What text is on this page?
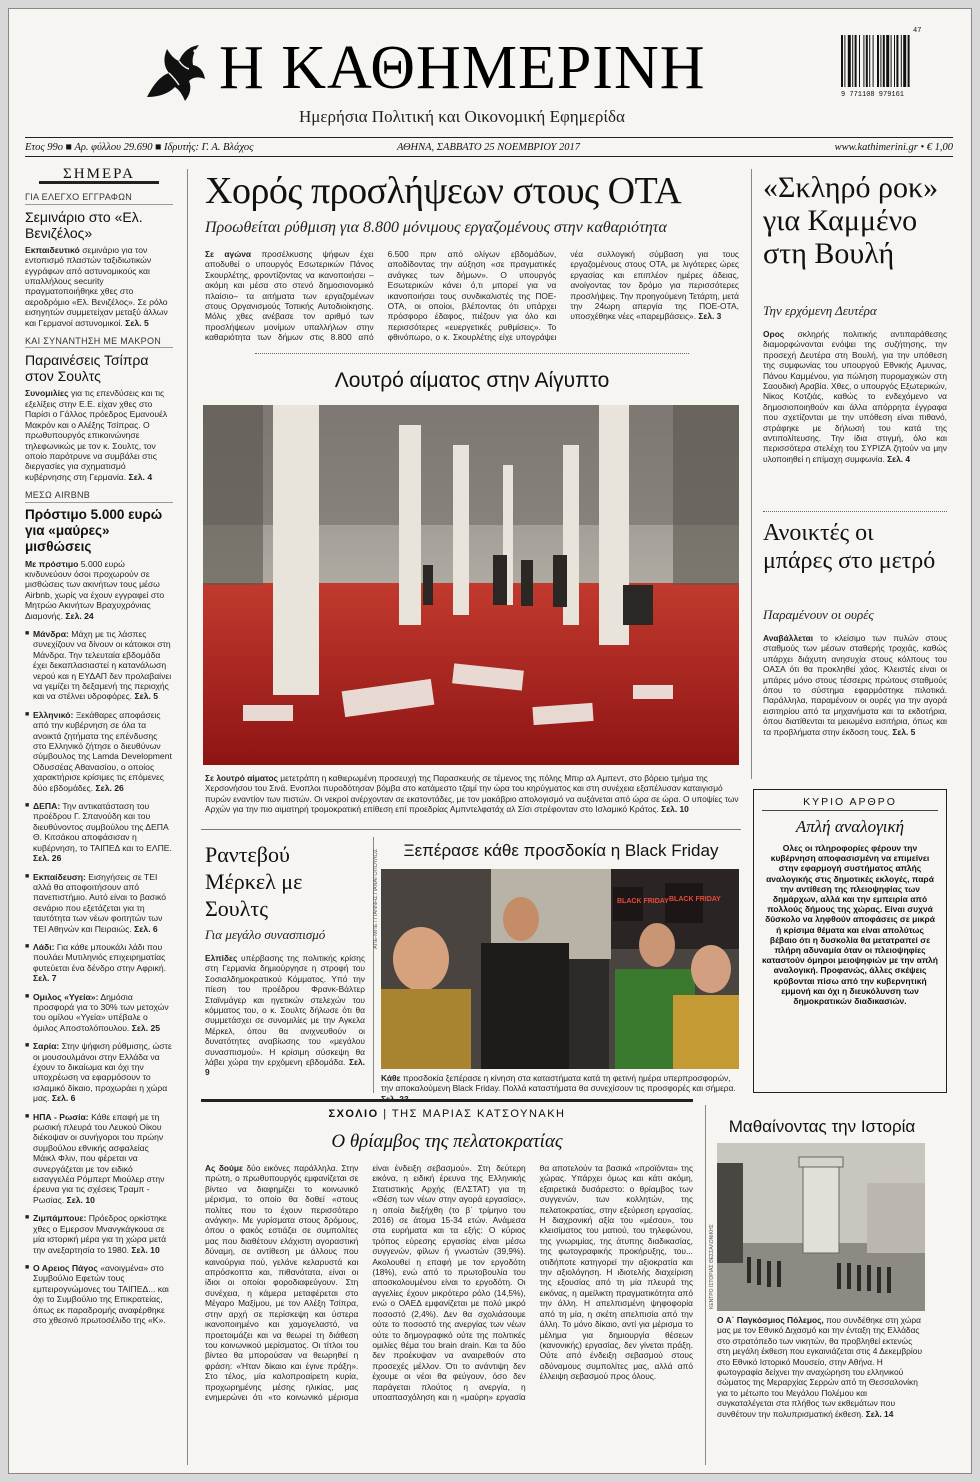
Η ΚΑΘΗΜΕΡΙΝΗ
Ημερήσια Πολιτική και Οικονομική Εφημερίδα
9 771108 979161
47
Ετος 99ο ■ Αρ. φύλλου 29.690 ■ Ιδρυτής: Γ. Α. Βλάχος	ΑΘΗΝΑ, ΣΑΒΒΑΤΟ 25 ΝΟΕΜΒΡΙΟΥ 2017	www.kathimerini.gr • € 1,00
ΣΗΜΕΡΑ
ΓΙΑ ΕΛΕΓΧΟ ΕΓΓΡΑΦΩΝ
Σεμινάριο στο «Ελ. Βενιζέλος»
Εκπαιδευτικό σεμινάριο για τον εντοπισμό πλαστών ταξιδιωτικών εγγράφων από αστυνομικούς και υπαλλήλους security πραγματοποιήθηκε χθες στο αεροδρόμιο «Ελ. Βενιζέλος». Σε ρόλο εισηγητών συμμετείχαν μεταξύ άλλων και Γερμανοί αστυνομικοί. Σελ. 5
ΚΑΙ ΣΥΝΑΝΤΗΣΗ ΜΕ ΜΑΚΡΟΝ
Παραινέσεις Τσίπρα στον Σουλτς
Συνομιλίες για τις επενδύσεις και τις εξελίξεις στην Ε.Ε. είχαν χθες στο Παρίσι ο Γάλλος πρόεδρος Εμανουέλ Μακρόν και ο Αλέξης Τσίπρας. Ο πρωθυπουργός επικοινώνησε τηλεφωνικώς με τον κ. Σουλτς, τον οποίο παρότρυνε να συμβάλει στις διεργασίες για σχηματισμό κυβέρνησης στη Γερμανία. Σελ. 4
ΜΕΣΩ AIRBNB
Πρόστιμο 5.000 ευρώ για «μαύρες» μισθώσεις
Με πρόστιμο 5.000 ευρώ κινδυνεύουν όσοι προχωρούν σε μισθώσεις των ακινήτων τους μέσω Airbnb, χωρίς να έχουν εγγραφεί στο Μητρώο Ακινήτων Βραχυχρόνιας Διαμονής. Σελ. 24
■ Μάνδρα: Μάχη με τις λάσπες συνεχίζουν να δίνουν οι κάτοικοι στη Μάνδρα. Την τελευταία εβδομάδα έχει δεκαπλασιαστεί η κατανάλωση νερού και η ΕΥΔΑΠ δεν προλαβαίνει να γεμίζει τη δεξαμενή της περιοχής και να στέλνει υδροφόρες. Σελ. 5
■ Ελληνικό: Ξεκάθαρες αποφάσεις από την κυβέρνηση σε όλα τα ανοικτά ζητήματα της επένδυσης στο Ελληνικό ζήτησε ο διευθύνων σύμβουλος της Lamda Development Οδυσσέας Αθανασίου, ο οποίος χαρακτήρισε κρίσιμες τις επόμενες δύο εβδομάδες. Σελ. 26
■ ΔΕΠΑ: Την αντικατάσταση του προέδρου Γ. Σπανούδη και του διευθύνοντος συμβούλου της ΔΕΠΑ Θ. Κιτσάκου αποφάσισαν η κυβέρνηση, το ΤΑΙΠΕΔ και το ΕΛΠΕ. Σελ. 26
■ Εκπαίδευση: Εισηγήσεις σε ΤΕΙ αλλά θα αποφοιτήσουν από πανεπιστήμιο. Αυτό είναι το βασικό σενάριο που εξετάζεται για τη ταυτότητα των νέων φοιτητών των ΤΕΙ Αθηνών και Πειραιώς. Σελ. 6
■ Λάδι: Για κάθε μπουκάλι λάδι που πουλάει Μυτιληνιός επιχειρηματίας φυτεύεται ένα δένδρο στην Αφρική. Σελ. 7
■ Ομιλος «Υγεία»: Δημόσια προσφορά για το 30% των μετοχών του ομίλου «Υγεία» υπέβαλε ο όμιλος Αποστολόπουλου. Σελ. 25
■ Σαρία: Στην ψήφιση ρύθμισης, ώστε οι μουσουλμάνοι στην Ελλάδα να έχουν το δικαίωμα και όχι την υποχρέωση να εφαρμόσουν το ισλαμικό δίκαιο, προχωράει η χώρα μας. Σελ. 6
■ ΗΠΑ - Ρωσία: Κάθε επαφή με τη ρωσική πλευρά του Λευκού Οίκου διέκοψαν οι συνήγοροι του πρώην συμβούλου εθνικής ασφαλείας Μάικλ Φλιν, που φέρεται να συνεργάζεται με τον ειδικό εισαγγελέα Ρόμπερτ Μιούλερ στην έρευνα για τις σχέσεις Τραμπ - Ρωσίας. Σελ. 10
■ Ζιμπάμπουε: Πρόεδρος ορκίστηκε χθες ο Εμερσον Μνανγκάγκουα σε μία ιστορική μέρα για τη χώρα μετά την ανεξαρτησία το 1980. Σελ. 10
■ Ο Αρειος Πάγος «ανοιγμένα» στο Συμβούλιο Εφετών τους εμπειρογνώμονες του ΤΑΙΠΕΔ... και όχι το Συμβούλιο της Επικρατείας, όπως εκ παραδρομής αναφέρθηκε στο χθεσινό πρωτοσέλιδο της «Κ».
Χορός προσλήψεων στους ΟΤΑ
Προωθείται ρύθμιση για 8.800 μόνιμους εργαζομένους στην καθαριότητα
Σε αγώνα προσέλκυσης ψήφων έχει αποδυθεί ο υπουργός Εσωτερικών Πάνος Σκουρλέτης, φροντίζοντας να ικανοποιήσει –ακόμη και μέσα στο στενό δημοσιονομικό πλαίσιο– τα αιτήματα των εργαζομένων στους Οργανισμούς Τοπικής Αυτοδιοίκησης. Μόλις χθες ανέβασε τον αριθμό των προσλήψεων μονίμων υπαλλήλων στην καθαριότητα των δήμων στις 8.800 από 6.500 πριν από ολίγων εβδομάδων, αποδίδοντας την αύξηση «σε πραγματικές ανάγκες των δήμων». Ο υπουργός Εσωτερικών κάνει ό,τι μπορεί για να ικανοποιήσει τους συνδικαλιστές της ΠΟΕ-ΟΤΑ, οι οποίοι, βλέποντας ότι υπάρχει πρόσφορο έδαφος, πιέζουν για όλο και περισσότερες «ευεργετικές ρυθμίσεις». Το φθινόπωρο, ο κ. Σκουρλέτης είχε υπογράψει νέα συλλογική σύμβαση για τους εργαζομένους στους ΟΤΑ, με λιγότερες ώρες εργασίας και επιπλέον ημέρες άδειας, ανοίγοντας τον δρόμο για περισσότερες προσλήψεις. Την προηγούμενη Τετάρτη, μετά την 24ωρη απεργία της ΠΟΕ-ΟΤΑ, υποσχέθηκε νέες «παρεμβάσεις». Σελ. 3
Λουτρό αίματος στην Αίγυπτο
Σε λουτρό αίματος μετετράπη η καθιερωμένη προσευχή της Παρασκευής σε τέμενος της πόλης Μπιρ αλ Αμπεντ, στο βόρειο τμήμα της Χερσονήσου του Σινά. Ενοπλοι πυροδότησαν βόμβα στο κατάμεστο τζαμί την ώρα του κηρύγματος και στη συνέχεια εξαπέλυσαν καταιγισμό πυρών εναντίον των πιστών. Οι νεκροί ανέρχονταν σε εκατοντάδες, με τον μακάβριο απολογισμό να αυξάνεται από ώρα σε ώρα. Ο υποψίες των Αρχών για την πιο αιματηρή τρομοκρατική επίθεση επί προεδρίας Αμπντελφατάχ αλ Σίσι στρέφονταν στο Ισλαμικό Κράτος. Σελ. 10
«Σκληρό ροκ» για Καμμένο στη Βουλή
Την ερχόμενη Δευτέρα
Ορος σκληρής πολιτικής αντιπαράθεσης διαμορφώνονται ενόψει της συζήτησης, την προσεχή Δευτέρα στη Βουλή, για την υπόθεση της συμφωνίας του υπουργού Εθνικής Αμυνας, Πάνου Καμμένου, για πώληση πυρομαχικών στη Σαουδική Αραβία. Χθες, ο υπουργός Εξωτερικών, Νίκος Κοτζιάς, καθώς το ενδεχόμενο να δημοσιοποιηθούν και άλλα απόρρητα έγγραφα που σχετίζονται με την υπόθεση είναι πιθανό, στράφηκε με δήλωσή του κατά της αντιπολίτευσης. Την ίδια στιγμή, όλο και περισσότερα στελέχη του ΣΥΡΙΖΑ ζητούν να μην υλοποιηθεί η επίμαχη συμφωνία. Σελ. 4
Ανοικτές οι μπάρες στο μετρό
Παραμένουν οι ουρές
Αναβάλλεται το κλείσιμο των πυλών στους σταθμούς των μέσων σταθερής τροχιάς, καθώς υπάρχει διάχυτη ανησυχία στους κόλπους του ΟΑΣΑ ότι θα προκληθεί χάος. Κλειστές είναι οι μπάρες μόνο στους τέσσερις πρώτους σταθμούς όπου το σύστημα εφαρμόστηκε πιλοτικά. Παράλληλα, παραμένουν οι ουρές για την αγορά εισιτηρίου από τα μηχανήματα και τα εκδοτήρια, όπου διατίθενται τα μειωμένα εισιτήρια, όπως και τα προβλήματα στην έκδοση τους. Σελ. 5
ΚΥΡΙΟ ΑΡΘΡΟ
Απλή αναλογική
Ολες οι πληροφορίες φέρουν την κυβέρνηση αποφασισμένη να επιμείνει στην εφαρμογή συστήματος απλής αναλογικής στις δημοτικές εκλογές, παρά την αντίθεση της πλειοψηφίας των δημάρχων, αλλά και την εμπειρία από πολλούς δήμους της χώρας. Είναι συχνά δύσκολο να ληφθούν αποφάσεις σε μικρά ή κρίσιμα θέματα και είναι απολύτως βέβαιο ότι η δυσκολία θα μετατραπεί σε πλήρη αδυναμία όταν οι πλειοψηφίες καταστούν όμηροι μειοψηφιών με την απλή αναλογική. Προφανώς, άλλες σκέψεις κρύβονται πίσω από την κυβερνητική εμμονή και όχι η διευκόλυνση των δημοκρατικών διαδικασιών.
Ραντεβού Μέρκελ με Σουλτς
Για μεγάλο συνασπισμό
Ελπίδες υπέρβασης της πολιτικής κρίσης στη Γερμανία δημιούργησε η στροφή του Σοσιαλδημοκρατικού Κόμματος. Υπό την πίεση του προέδρου Φρανκ-Βάλτερ Σταϊνμάγερ και ηγετικών στελεχών του κόμματος του, ο κ. Σουλτς δήλωσε ότι θα συμμετάσχει σε συνομιλίες με την Αγκελα Μέρκελ, όπου θα ανιχνευθούν οι δυνατότητες αναβίωσης του «μεγάλου συνασπισμού». Η κρίσιμη σύσκεψη θα λάβει χώρα την ερχόμενη εβδομάδα. Σελ. 9
Ξεπέρασε κάθε προσδοκία η Black Friday
BLACK FRIDAY BLACK FRIDAY
ΑΠΕ-ΜΠΕ / ΓΙΑΝΝΗΣ ΠΑΝΑΓΟΠΟΥΛΟΣ
Κάθε προσδοκία ξεπέρασε η κίνηση στα καταστήματα κατά τη φετινή ημέρα υπερπροσφορών, την αποκαλούμενη Black Friday. Πολλά καταστήματα θα συνεχίσουν τις προσφορές και σήμερα. Σελ. 23
ΣΧΟΛΙΟ | ΤΗΣ ΜΑΡΙΑΣ ΚΑΤΣΟΥΝΑΚΗ
Ο θρίαμβος της πελατοκρατίας
Ας δούμε δύο εικόνες παράλληλα. Στην πρώτη, ο πρωθυπουργός εμφανίζεται σε βίντεο να διαφημίζει το κοινωνικό μέρισμα, το οποίο θα δοθεί «στους πολίτες που το έχουν περισσότερο ανάγκη». Με γυρίσματα στους δρόμους, όπου ο φακός εστιάζει σε συμπολίτες μας που διαθέτουν ελάχιστη αγοραστική δύναμη, σε αντίθεση με άλλους που καινούργια πού, γελάνε κελαρυστά και απρόσκοπτα και, πιθανότατα, είναι οι ίδιοι οι οποίοι φοροδιαφεύγουν. Στη συνέχεια, η κάμερα μεταφέρεται στο Μέγαρο Μαξίμου, με τον Αλέξη Τσίπρα, στην αρχή σε περίσκεψη και ύστερα ικανοποιημένο και χαμογελαστό, να προετοιμάζει και να θεωρεί τη διάθεση του κοινωνικού μερίσματος. Οι τίτλοι του βίντεο θα μπορούσαν να θεωρηθεί η φράση: «Ήταν δίκαιο και έγινε πράξη». Στο τέλος, μία καλοπροαίρετη κυρία, προχωρημένης μέσης ηλικίας, μας ενημερώνει ότι «το κοινωνικό μέρισμα είναι ένδειξη σεβασμού». Στη δεύτερη εικόνα, η ειδική έρευνα της Ελληνικής Στατιστικής Αρχής (ΕΛΣΤΑΤ) για τη «Θέση των νέων στην αγορά εργασίας», η οποία διεξήχθη (το β΄ τρίμηνο του 2016) σε άτομα 15-34 ετών. Ανάμεσα στα ευρήματα και τα εξής: Ο κύριος τρόπος εύρεσης εργασίας είναι μέσω συγγενών, φίλων ή γνωστών (39,9%). Ακολουθεί η επαφή με τον εργοδότη (18%), ενώ από το πρωτοβουλία του αποσκολουμένου είναι το εργοδότη. Οι αγγελίες έχουν μικρότερο ρόλο (14,5%), ενώ ο ΟΑΕΔ εμφανίζεται με πολύ μικρό ποσοστό (2,4%). Δεν θα σχολιάσουμε ούτε το ποσοστό της ανεργίας των νέων ούτε το δημογραφικό ούτε της πολιτικές ομιλίες θέμα του brain drain. Και τα δύο δεν προέκυψαν να αναιρεθούν στο προσεχές μέλλον. Ότι το ανάντιψη δεν έχουμε οι νέοι θα φεύγουν, όσο δεν παράγεται πλούτος η ανεργία, η υποαπασχόληση και η «μαύρη» εργασία θα αποτελούν τα βασικά «προϊόντα» της χώρας. Υπάρχει όμως και κάτι ακόμη, εξαιρετικά δυσάρεστο: ο θρίαμβος των συγγενών, των κολλητών, της πελατοκρατίας, στην εξεύρεση εργασίας. Η διαχρονική αξία του «μέσου», του κλεισίματος του ματιού, του τηλεφώνου, της γνωριμίας, της άτυπης διαδικασίας, της φωτογραφικής προκήρυξης, του... οτιδήποτε κατηγορεί την αξιοκρατία και την αξιολόγηση. Η ιδιοτελής διαχείριση της εξουσίας από τη μία πλευρά της εικόνας, η αμείλικτη πραγματικότητα από την άλλη. Η απελπισμένη ψηφοφορία από τη μία, η σκέτη απελπισία από την άλλη. Το μόνο δίκαιο, αντί για μέρισμα το μέλημα για δημιουργία θέσεων (κανονικής) εργασίας, δεν γίνεται πράξη. Ούτε από ένδειξη σεβασμού στους αδύναμους συμπολίτες μας, αλλά από έλλειψη σεβασμού προς όλους.
Μαθαίνοντας την Ιστορία
ΚΕΝΤΡΟ ΙΣΤΟΡΙΑΣ ΘΕΣΣΑΛΟΝΙΚΗΣ
Ο Α΄ Παγκόσμιος Πόλεμος, που συνδέθηκε στη χώρα μας με τον Εθνικό Διχασμό και την ένταξη της Ελλάδας στο στρατόπεδο των νικητών, θα προβληθεί εκτενώς στη μεγάλη έκθεση που εγκαινιάζεται στις 4 Δεκεμβρίου στο Εθνικό Ιστορικό Μουσείο, στην Αθήνα. Η φωτογραφία δείχνει την αναχώρηση του ελληνικού σώματος της Μεραρχίας Σερρών από τη Θεσσαλονίκη για το μέτωπο του Μεγάλου Πολέμου και συγκαταλέγεται στα πλήθος των εκθεμάτων που συνθέτουν την πολυπρισματική έκθεση. Σελ. 14
